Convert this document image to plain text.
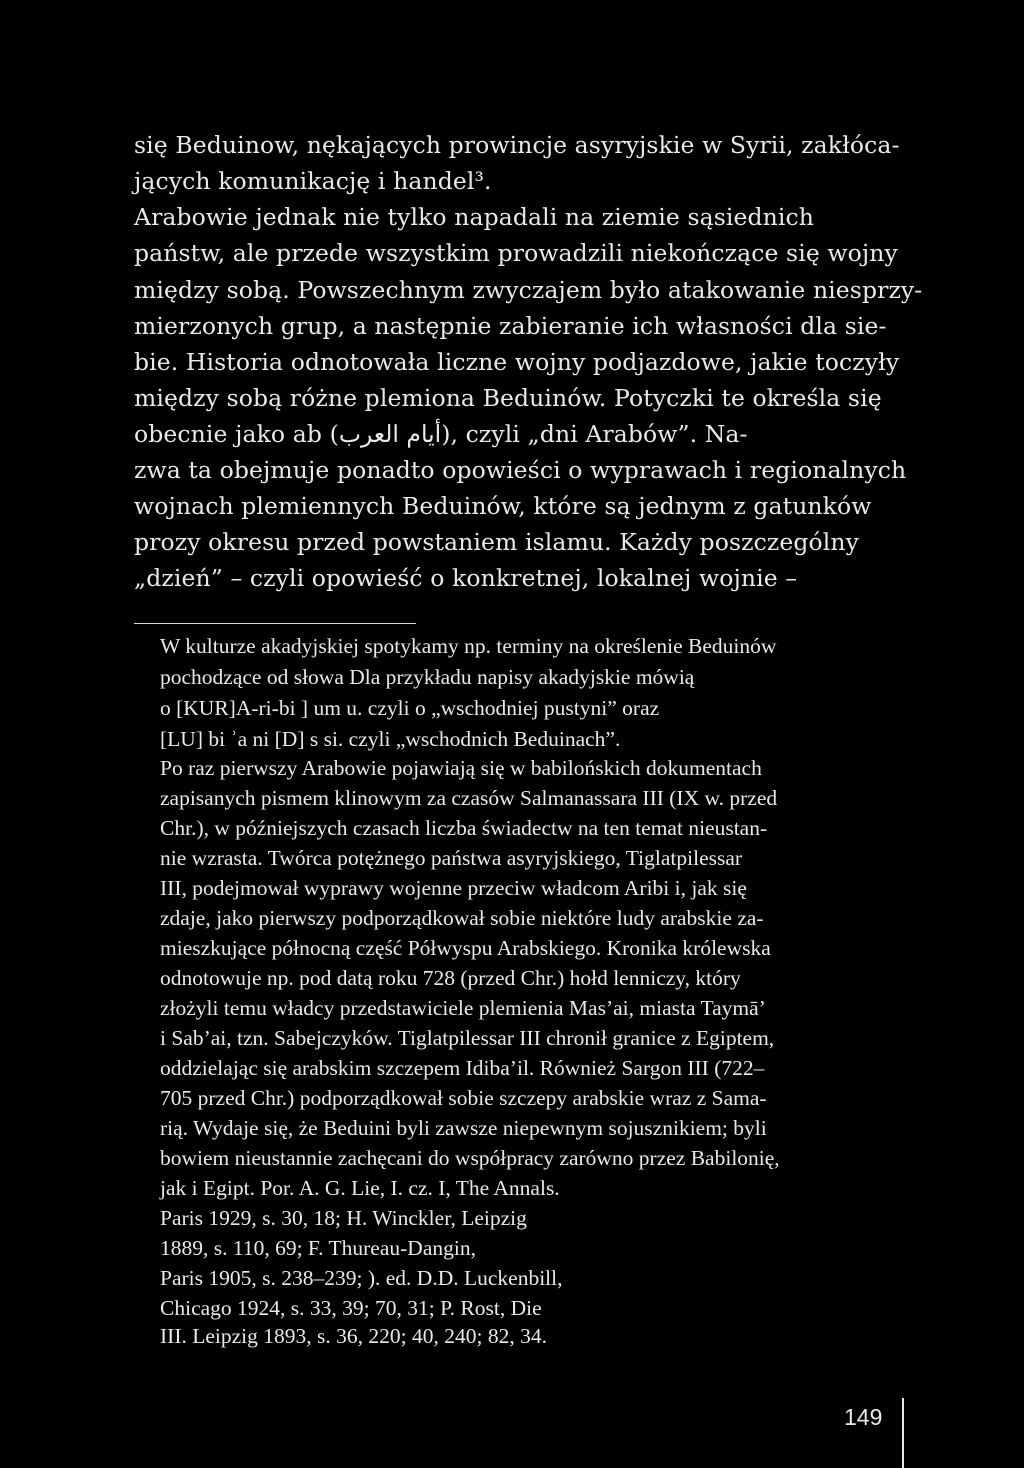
się Beduinow, nękających prowincje asyryjskie w Syrii, zakłóca-
jących komunikację i handel³.
Arabowie jednak nie tylko napadali na ziemie sąsiednich
państw, ale przede wszystkim prowadzili niekończące się wojny
między sobą. Powszechnym zwyczajem było atakowanie niesprzy-
mierzonych grup, a następnie zabieranie ich własności dla sie-
bie. Historia odnotowała liczne wojny podjazdowe, jakie toczyły
między sobą różne plemiona Beduinów. Potyczki te określa się
obecnie jako ab (أيام العرب), czyli „dni Arabów”. Na-
zwa ta obejmuje ponadto opowieści o wyprawach i regionalnych
wojnach plemiennych Beduinów, które są jednym z gatunków
prozy okresu przed powstaniem islamu. Każdy poszczególny
„dzień” – czyli opowieść o konkretnej, lokalnej wojnie –
W kulturze akadyjskiej spotykamy np. terminy na określenie Beduinów
pochodzące od słowa Dla przykładu napisy akadyjskie mówią
o [KUR]A-ri-bi ] um u. czyli o „wschodniej pustyni” oraz
[LU] bi ʾa ni [D] s si. czyli „wschodnich Beduinach”.
Po raz pierwszy Arabowie pojawiają się w babilońskich dokumentach
zapisanych pismem klinowym za czasów Salmanassara III (IX w. przed
Chr.), w późniejszych czasach liczba świadectw na ten temat nieustan-
nie wzrasta. Twórca potężnego państwa asyryjskiego, Tiglatpilessar
III, podejmował wyprawy wojenne przeciw władcom Aribi i, jak się
zdaje, jako pierwszy podporządkował sobie niektóre ludy arabskie za-
mieszkujące północną część Półwyspu Arabskiego. Kronika królewska
odnotowuje np. pod datą roku 728 (przed Chr.) hołd lenniczy, który
złożyli temu władcy przedstawiciele plemienia Mas’ai, miasta Taymā’
i Sab’ai, tzn. Sabejczyków. Tiglatpilessar III chronił granice z Egiptem,
oddzielając się arabskim szczepem Idiba’il. Również Sargon III (722–
705 przed Chr.) podporządkował sobie szczepy arabskie wraz z Sama-
rią. Wydaje się, że Beduini byli zawsze niepewnym sojusznikiem; byli
bowiem nieustannie zachęcani do współpracy zarówno przez Babilonię,
jak i Egipt. Por. A. G. Lie, I. cz. I, The Annals.
Paris 1929, s. 30, 18; H. Winckler, Leipzig
1889, s. 110, 69; F. Thureau-Dangin,
Paris 1905, s. 238–239; ). ed. D.D. Luckenbill,
Chicago 1924, s. 33, 39; 70, 31; P. Rost, Die
III. Leipzig 1893, s. 36, 220; 40, 240; 82, 34.
149
